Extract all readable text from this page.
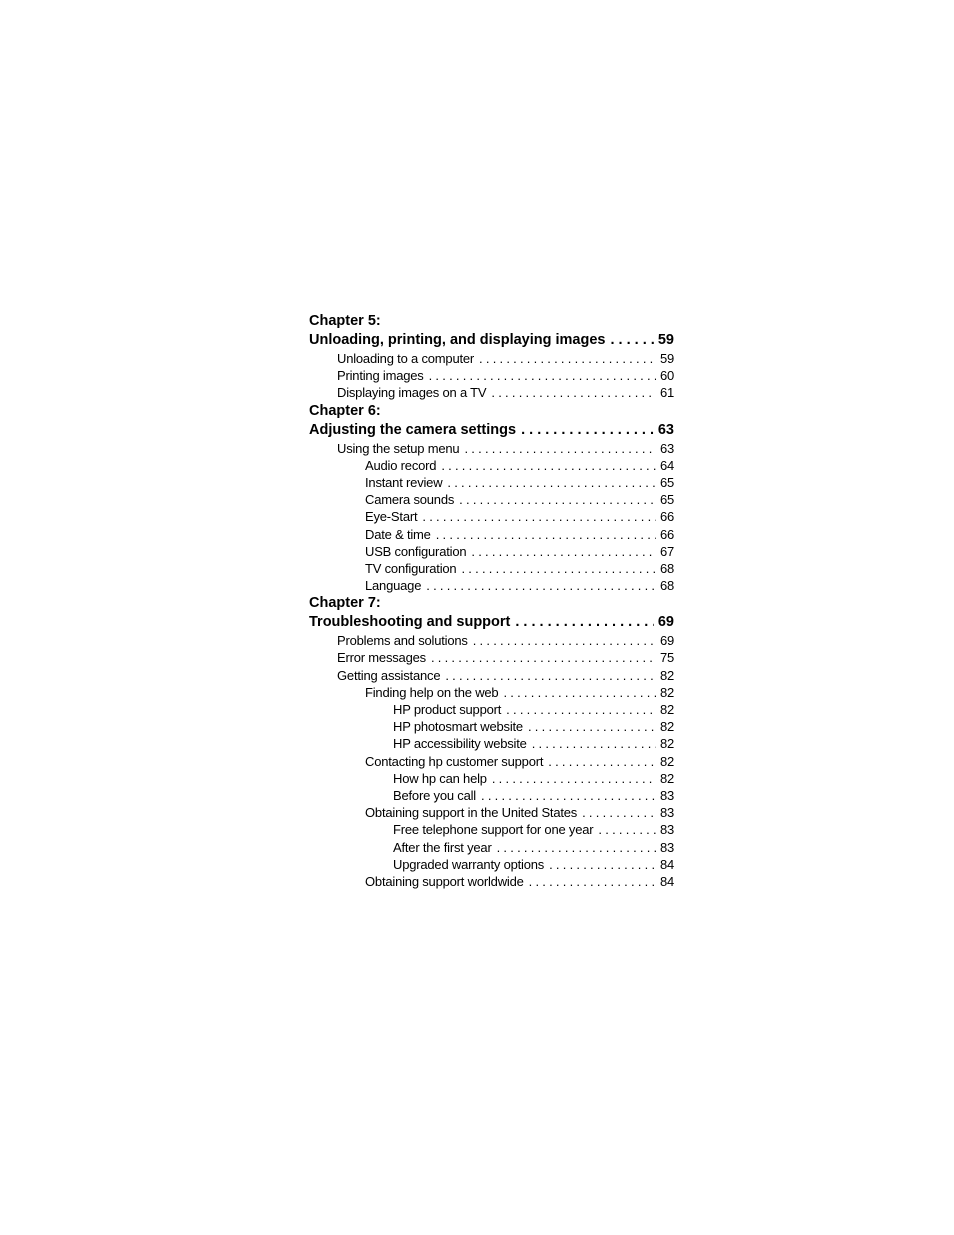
Chapter 5:
Unloading, printing, and displaying images . . .	59
Unloading to a computer . . .	59
Printing images . . .	60
Displaying images on a TV . . .	61
Chapter 6:
Adjusting the camera settings . . .	63
Using the setup menu . . .	63
Audio record . . .	64
Instant review . . .	65
Camera sounds . . .	65
Eye-Start . . .	66
Date & time . . .	66
USB configuration . . .	67
TV configuration . . .	68
Language . . .	68
Chapter 7:
Troubleshooting and support . . .	69
Problems and solutions . . .	69
Error messages . . .	75
Getting assistance . . .	82
Finding help on the web . . .	82
HP product support . . .	82
HP photosmart website . . .	82
HP accessibility website . . .	82
Contacting hp customer support . . .	82
How hp can help . . .	82
Before you call . . .	83
Obtaining support in the United States . . .	83
Free telephone support for one year . . .	83
After the first year . . .	83
Upgraded warranty options . . .	84
Obtaining support worldwide . . .	84
